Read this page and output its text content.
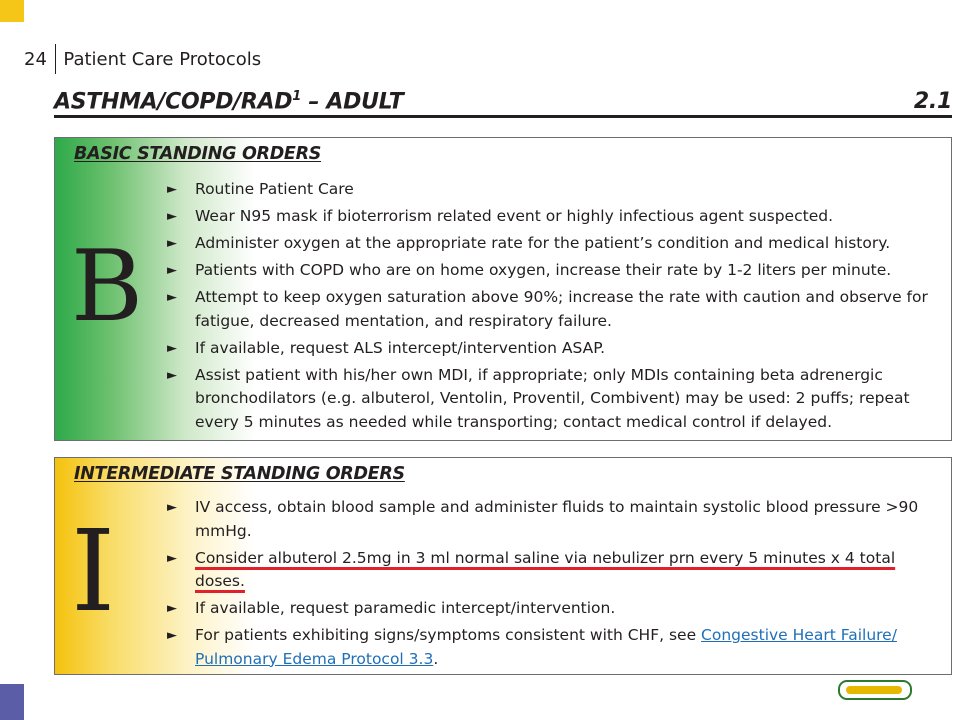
24 Patient Care Protocols
ASTHMA/COPD/RAD$^1$ – ADULT	2.1
BASIC STANDING ORDERS
B
► Routine Patient Care
► Wear N95 mask if bioterrorism related event or highly infectious agent suspected.
► Administer oxygen at the appropriate rate for the patient’s condition and medical history.
► Patients with COPD who are on home oxygen, increase their rate by 1-2 liters per minute.
► Attempt to keep oxygen saturation above 90%; increase the rate with caution and observe for fatigue, decreased mentation, and respiratory failure.
► If available, request ALS intercept/intervention ASAP.
► Assist patient with his/her own MDI, if appropriate; only MDIs containing beta adrenergic bronchodilators (e.g. albuterol, Ventolin, Proventil, Combivent) may be used: 2 puffs; repeat every 5 minutes as needed while transporting; contact medical control if delayed.
INTERMEDIATE STANDING ORDERS
I	► IV access, obtain blood sample and administer fluids to maintain systolic blood pressure >90 mmHg.
► Consider albuterol 2.5mg in 3 ml normal saline via nebulizer prn every 5 minutes x 4 total doses.
► If available, request paramedic intercept/intervention.
► For patients exhibiting signs/symptoms consistent with CHF, see Congestive Heart Failure/ Pulmonary Edema Protocol 3.3.
